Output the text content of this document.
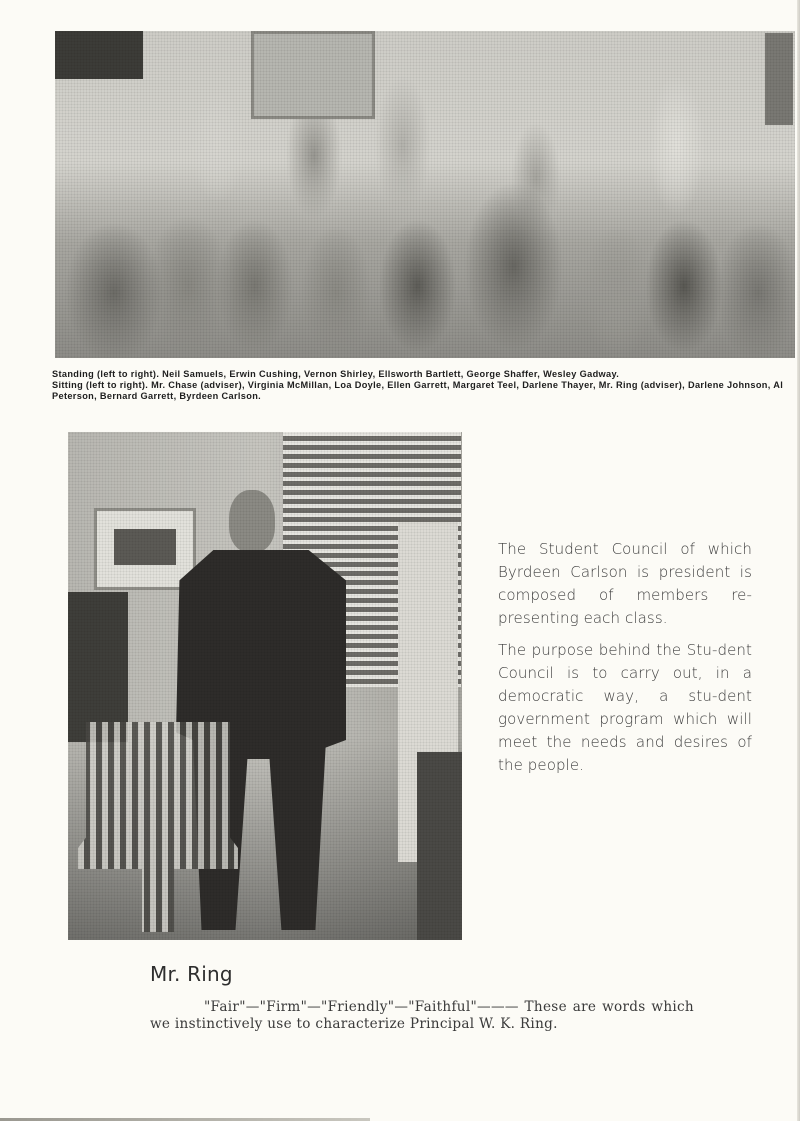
Standing (left to right). Neil Samuels, Erwin Cushing, Vernon Shirley, Ellsworth Bartlett, George Shaffer, Wesley Gadway.

Sitting (left to right). Mr. Chase (adviser), Virginia McMillan, Loa Doyle, Ellen Garrett, Margaret Teel, Darlene Thayer, Mr. Ring (adviser), Darlene Johnson, Al Peterson, Bernard Garrett, Byrdeen Carlson.

The Student Council of which Byrdeen Carlson is president is composed of members re-presenting each class.

The purpose behind the Stu-dent Council is to carry out, in a democratic way, a stu-dent government program which will meet the needs and desires of the people.

Mr. Ring

"Fair"—"Firm"—"Friendly"—"Faithful"——— These are words which we instinctively use to characterize Principal W. K. Ring.
